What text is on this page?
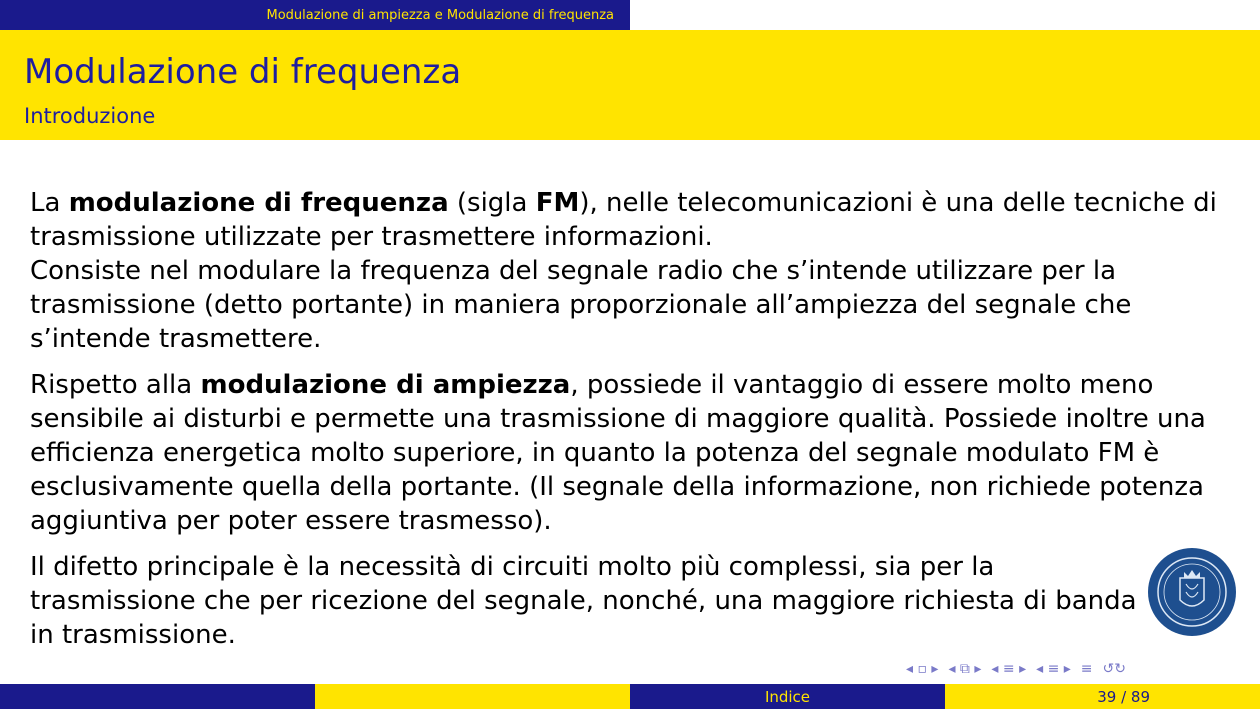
Modulazione di ampiezza e Modulazione di frequenza
Modulazione di frequenza
Introduzione

La modulazione di frequenza (sigla FM), nelle telecomunicazioni è una delle tecniche di trasmissione utilizzate per trasmettere informazioni.
Consiste nel modulare la frequenza del segnale radio che s’intende utilizzare per la trasmissione (detto portante) in maniera proporzionale all’ampiezza del segnale che s’intende trasmettere.

Rispetto alla modulazione di ampiezza, possiede il vantaggio di essere molto meno sensibile ai disturbi e permette una trasmissione di maggiore qualità. Possiede inoltre una efficienza energetica molto superiore, in quanto la potenza del segnale modulato FM è esclusivamente quella della portante. (Il segnale della informazione, non richiede potenza aggiuntiva per poter essere trasmesso).

Il difetto principale è la necessità di circuiti molto più complessi, sia per la trasmissione che per ricezione del segnale, nonché, una maggiore richiesta di banda in trasmissione.

◂ ▫ ▸ ◂ ⧉ ▸ ◂ ≡ ▸ ◂ ≡ ▸ ≡ ↺↻
Indice	39 / 89
